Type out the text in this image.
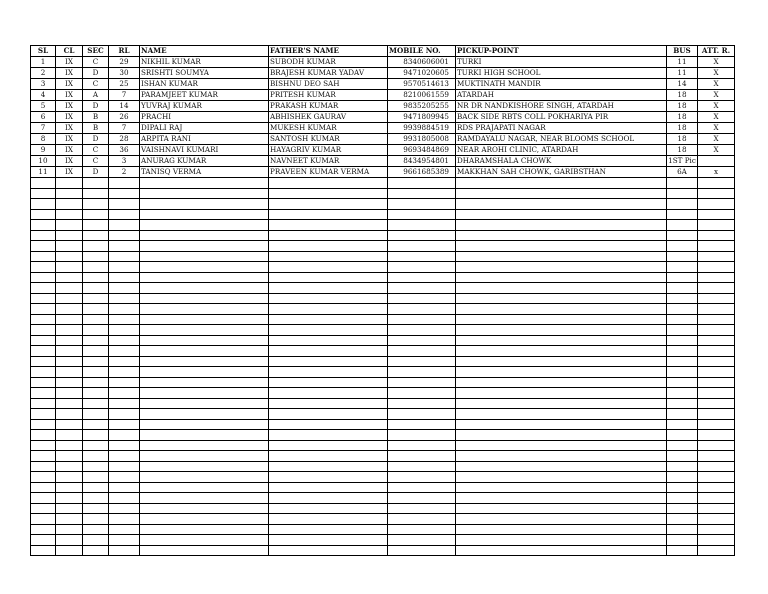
SL	CL	SEC	RL	NAME	FATHER'S NAME	MOBILE NO.	PICKUP-POINT	BUS	ATT. R.
1	IX	C	29	NIKHIL KUMAR	SUBODH KUMAR	8340606001	TURKI	11	X
2	IX	D	30	SRISHTI SOUMYA	BRAJESH KUMAR YADAV	9471020605	TURKI HIGH SCHOOL	11	X
3	IX	C	25	ISHAN KUMAR	BISHNU DEO SAH	9570514613	MUKTINATH MANDIR	14	X
4	IX	A	7	PARAMJEET KUMAR	PRITESH KUMAR	8210061559	ATARDAH	18	X
5	IX	D	14	YUVRAJ KUMAR	PRAKASH KUMAR	9835205255	NR DR NANDKISHORE SINGH, ATARDAH	18	X
6	IX	B	26	PRACHI	ABHISHEK GAURAV	9471809945	BACK SIDE RBTS COLL POKHARIYA PIR	18	X
7	IX	B	7	DIPALI RAJ	MUKESH KUMAR	9939884519	RDS PRAJAPATI NAGAR	18	X
8	IX	D	28	ARPITA RANI	SANTOSH KUMAR	9931805008	RAMDAYALU NAGAR, NEAR BLOOMS SCHOOL	18	X
9	IX	C	36	VAISHNAVI KUMARI	HAYAGRIV KUMAR	9693484869	NEAR AROHI CLINIC, ATARDAH	18	X
10	IX	C	3	ANURAG KUMAR	NAVNEET KUMAR	8434954801	DHARAMSHALA CHOWK	1ST Pic	
11	IX	D	2	TANISQ VERMA	PRAVEEN KUMAR VERMA	9661685389	MAKKHAN SAH CHOWK, GARIBSTHAN	6A	x
